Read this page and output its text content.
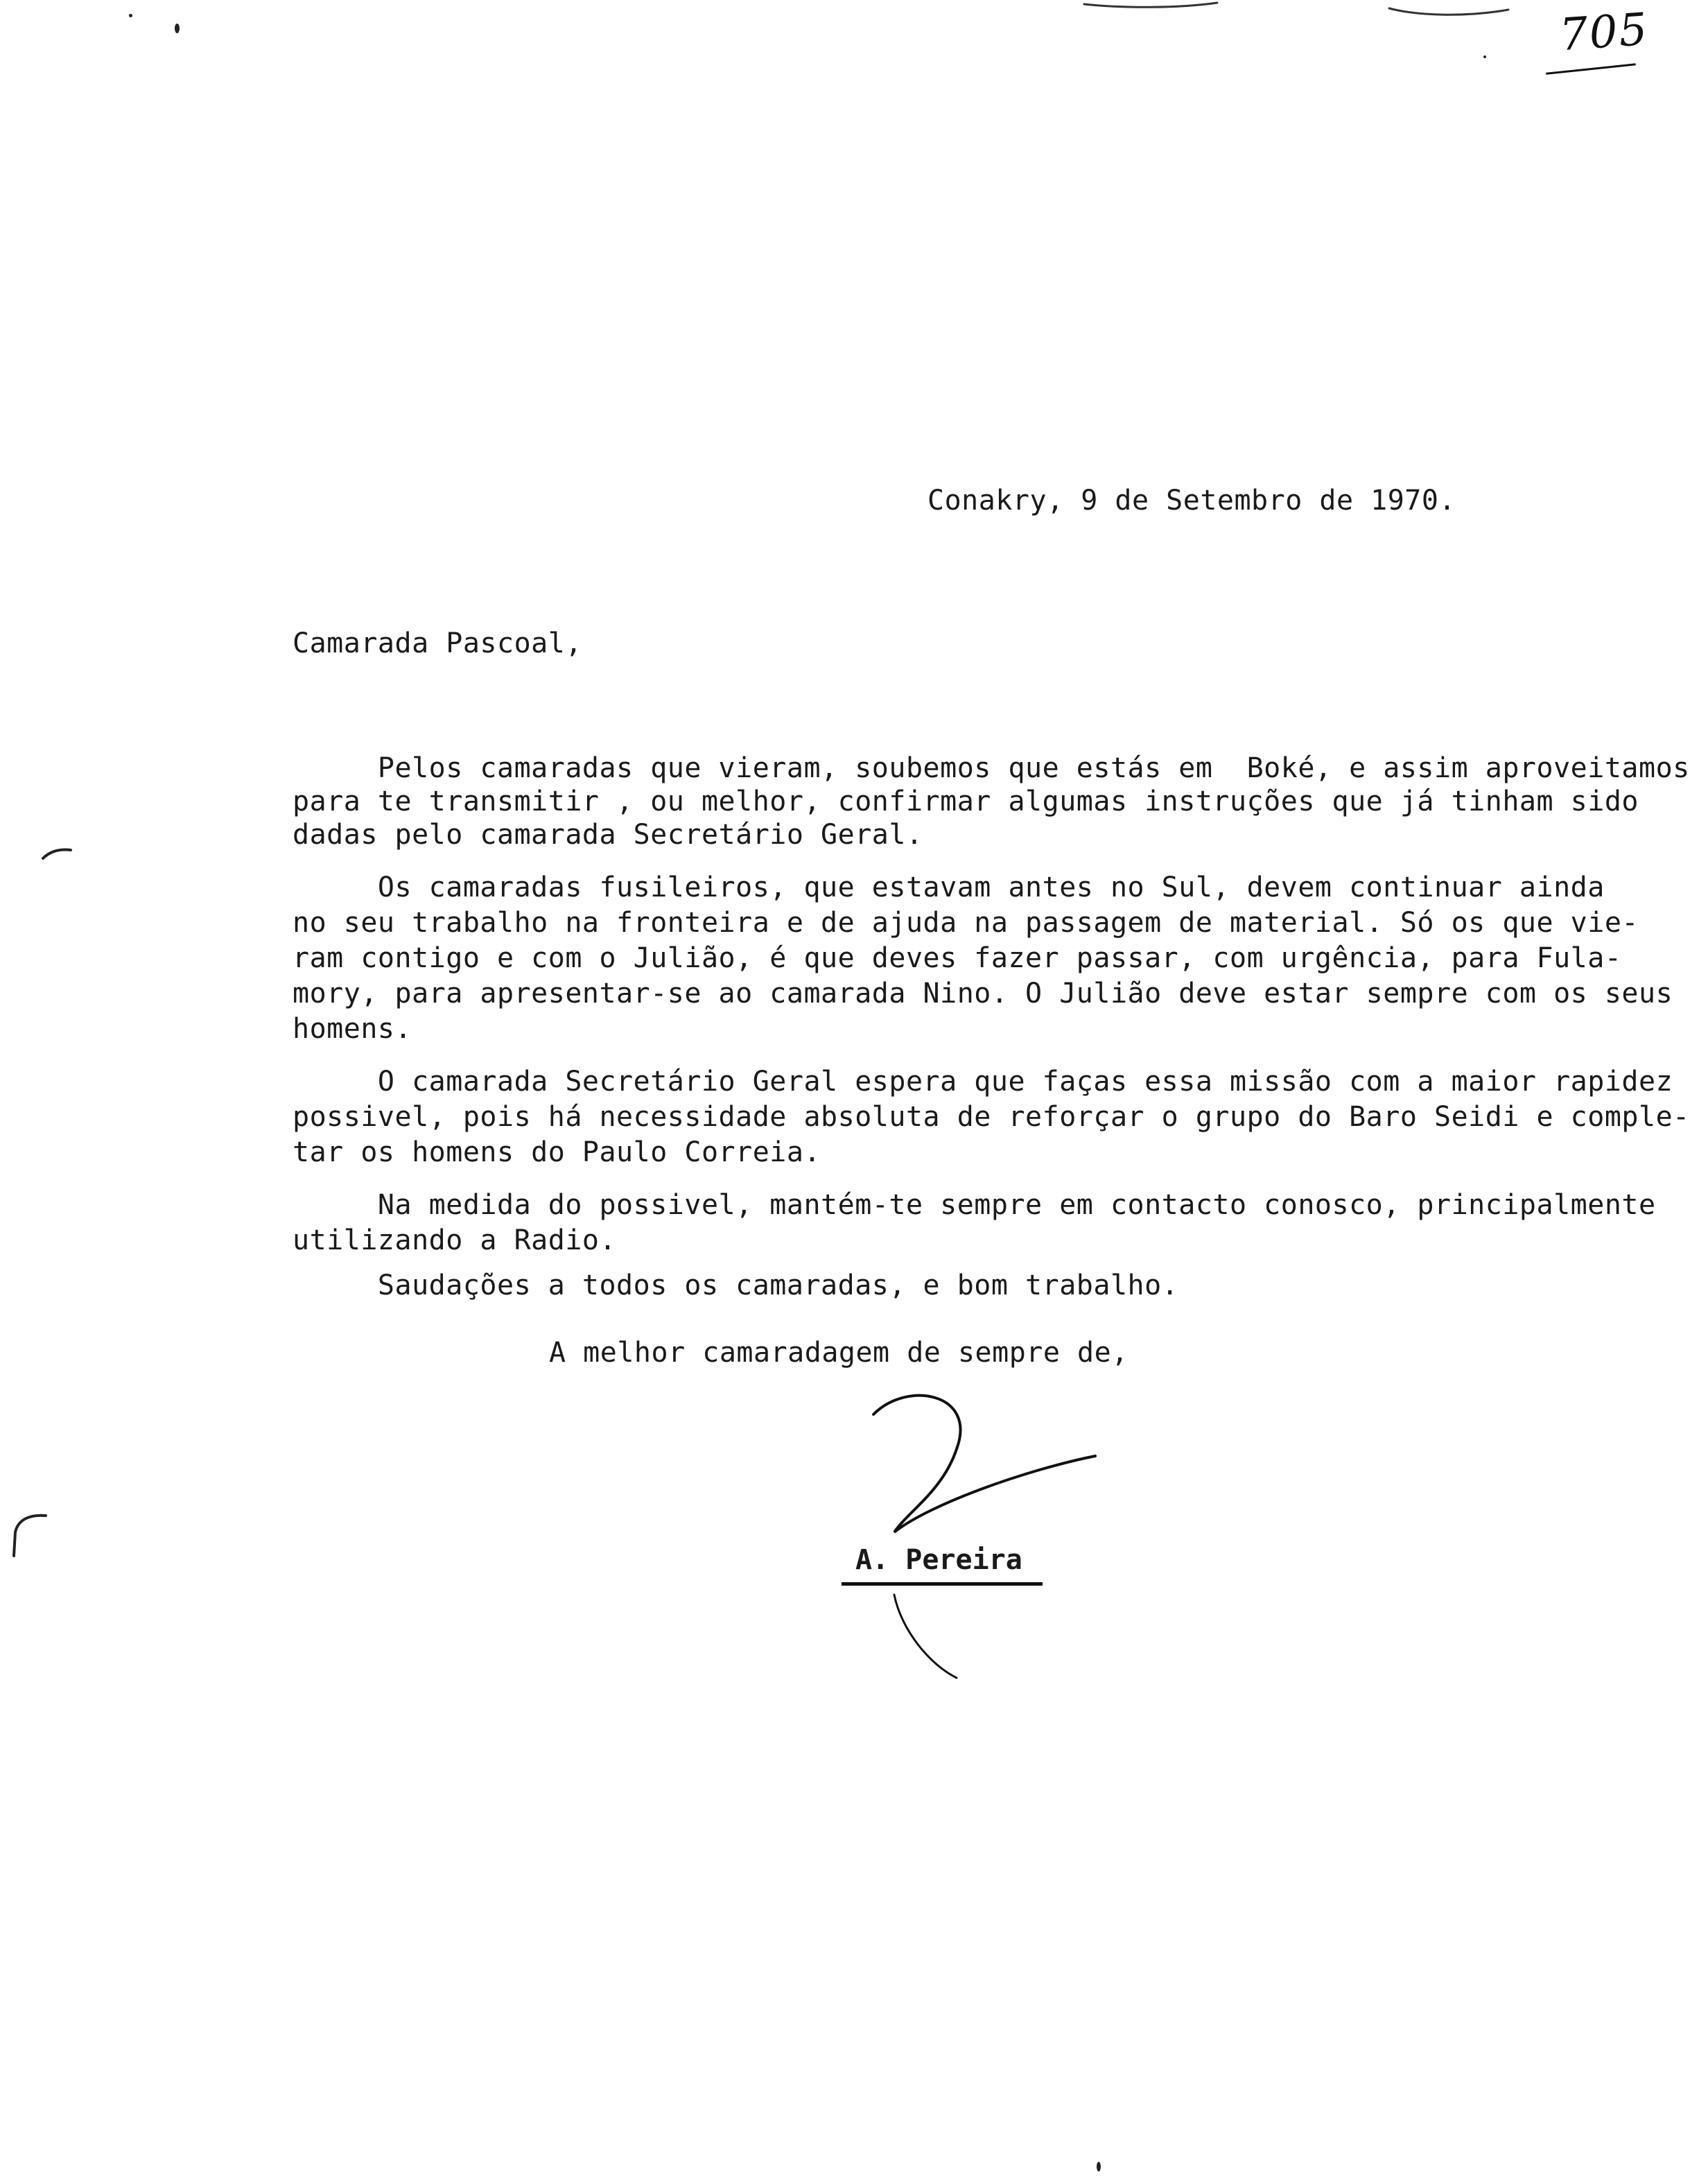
705
Conakry, 9 de Setembro de 1970.
Camarada Pascoal,
Pelos camaradas que vieram, soubemos que estás em  Boké, e assim aproveitamos
para te transmitir , ou melhor, confirmar algumas instruções que já tinham sido
dadas pelo camarada Secretário Geral.
Os camaradas fusileiros, que estavam antes no Sul, devem continuar ainda
no seu trabalho na fronteira e de ajuda na passagem de material. Só os que vie-
ram contigo e com o Julião, é que deves fazer passar, com urgência, para Fula-
mory, para apresentar-se ao camarada Nino. O Julião deve estar sempre com os seus
homens.
O camarada Secretário Geral espera que faças essa missão com a maior rapidez
possivel, pois há necessidade absoluta de reforçar o grupo do Baro Seidi e comple-
tar os homens do Paulo Correia.
Na medida do possivel, mantém-te sempre em contacto conosco, principalmente
utilizando a Radio.
Saudações a todos os camaradas, e bom trabalho.
A melhor camaradagem de sempre de,
A. Pereira
